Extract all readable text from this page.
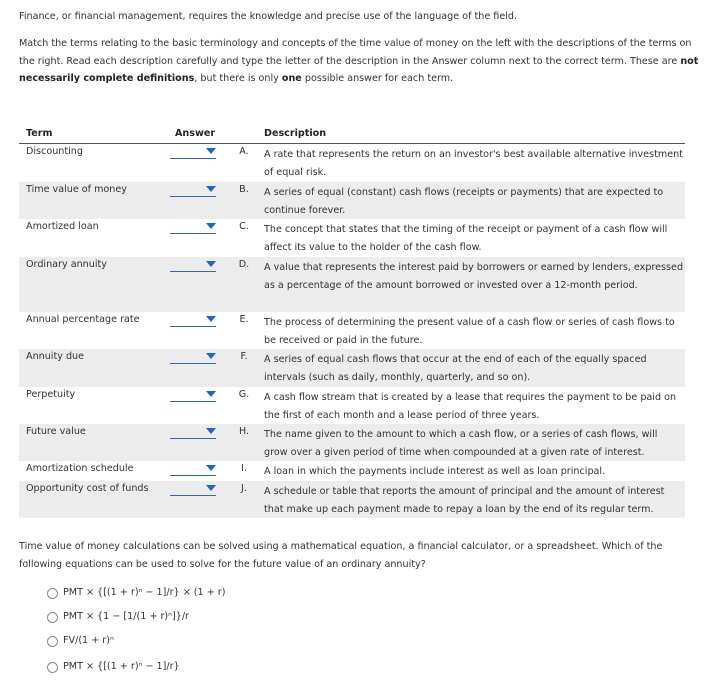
Finance, or financial management, requires the knowledge and precise use of the language of the field.

Match the terms relating to the basic terminology and concepts of the time value of money on the left with the descriptions of the terms on the right. Read each description carefully and type the letter of the description in the Answer column next to the correct term. These are not necessarily complete definitions, but there is only one possible answer for each term.

Term	Answer	Description
Discounting	A.	A rate that represents the return on an investor's best available alternative investment of equal risk.
Time value of money	B.	A series of equal (constant) cash flows (receipts or payments) that are expected to continue forever.
Amortized loan	C.	The concept that states that the timing of the receipt or payment of a cash flow will affect its value to the holder of the cash flow.
Ordinary annuity	D. A value that represents the interest paid by borrowers or earned by lenders, expressed as a percentage of the amount borrowed or invested over a 12-month period.
Annual percentage rate	E.	The process of determining the present value of a cash flow or series of cash flows to be received or paid in the future.
Annuity due	F.	A series of equal cash flows that occur at the end of each of the equally spaced intervals (such as daily, monthly, quarterly, and so on).
Perpetuity	G. A cash flow stream that is created by a lease that requires the payment to be paid on the first of each month and a lease period of three years.
Future value	H.	The name given to the amount to which a cash flow, or a series of cash flows, will grow over a given period of time when compounded at a given rate of interest.
Amortization schedule	I.	A loan in which the payments include interest as well as loan principal.
Opportunity cost of funds	J.	A schedule or table that reports the amount of principal and the amount of interest that make up each payment made to repay a loan by the end of its regular term.

Time value of money calculations can be solved using a mathematical equation, a financial calculator, or a spreadsheet. Which of the following equations can be used to solve for the future value of an ordinary annuity?

PMT × {[(1 + r)ⁿ − 1]/r} × (1 + r)
PMT × {1 − [1/(1 + r)ⁿ]}/r
FV/(1 + r)ⁿ
PMT × {[(1 + r)ⁿ − 1]/r}
